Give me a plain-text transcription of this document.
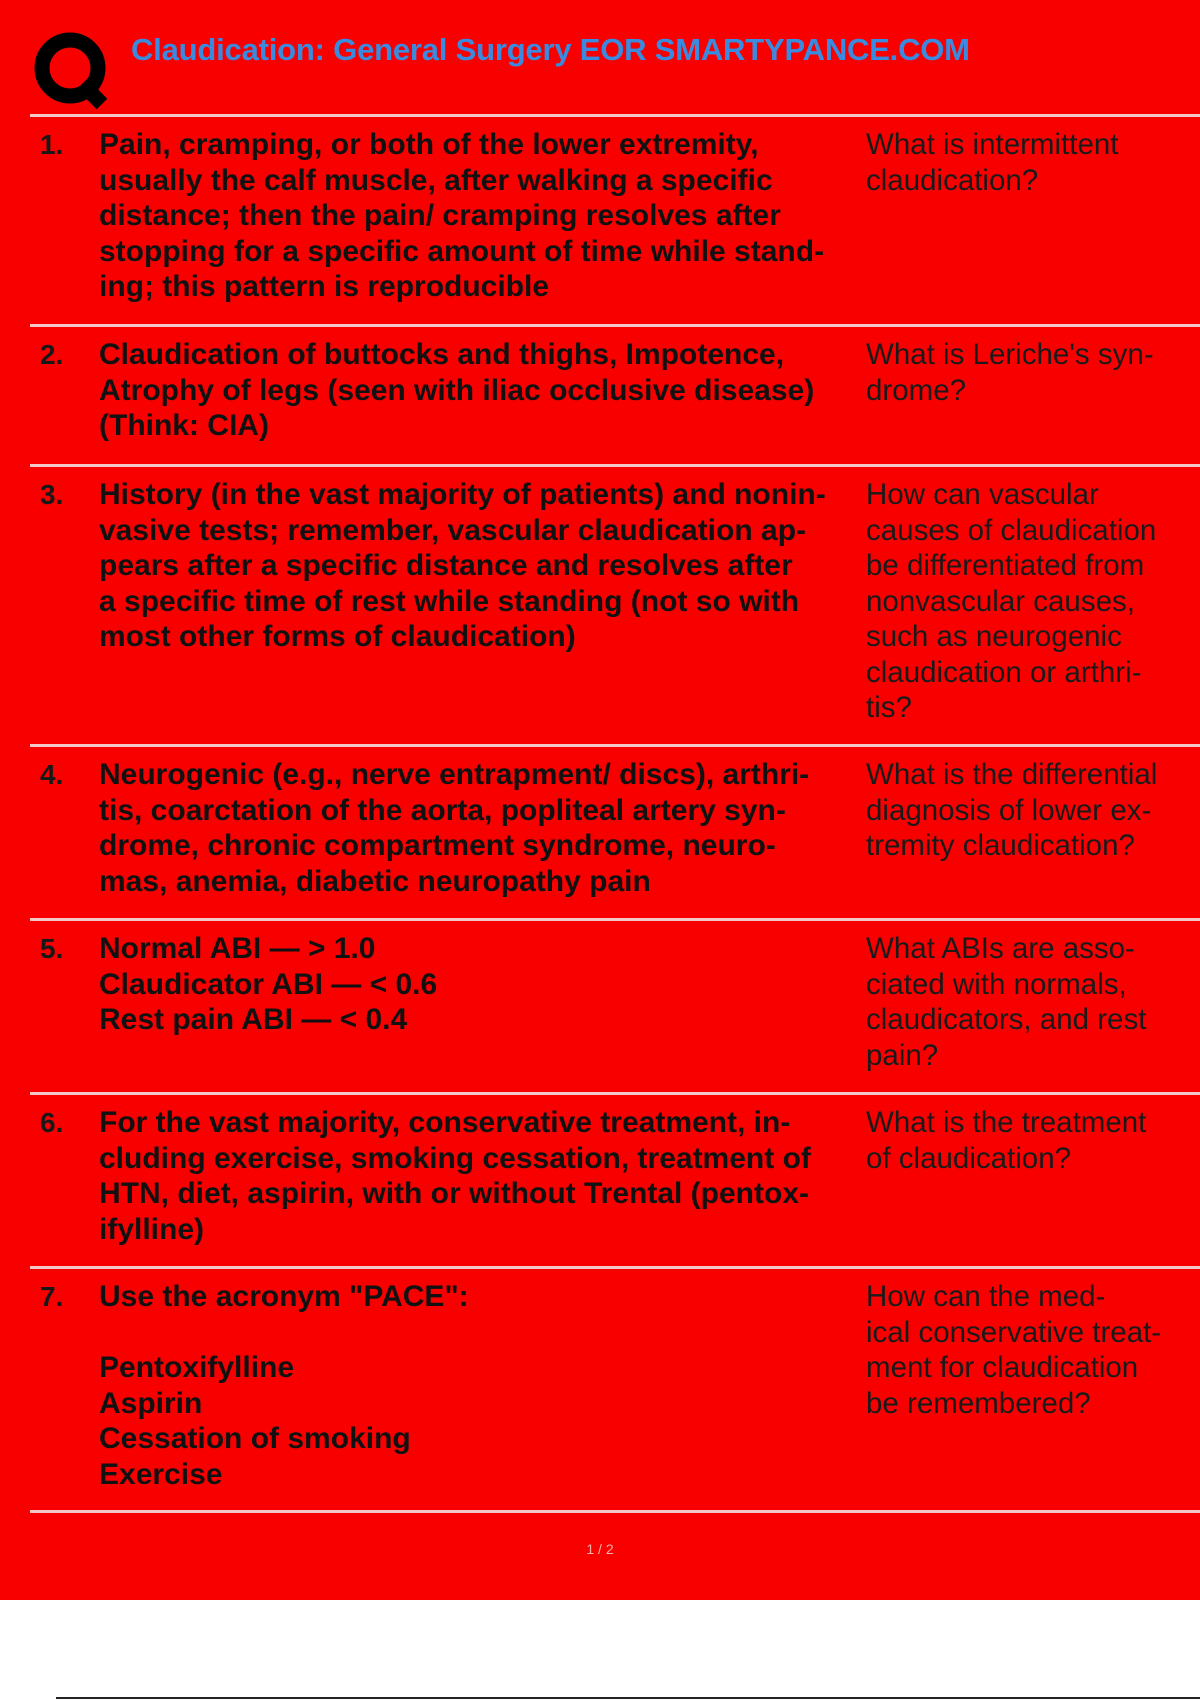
Claudication: General Surgery EOR SMARTYPANCE.COM
1. Pain, cramping, or both of the lower extremity,
usually the calf muscle, after walking a specific
distance; then the pain/ cramping resolves after
stopping for a specific amount of time while stand-
ing; this pattern is reproducible
What is intermittent
claudication?
2. Claudication of buttocks and thighs, Impotence,
Atrophy of legs (seen with iliac occlusive disease)
(Think: CIA)
What is Leriche's syn-
drome?
3. History (in the vast majority of patients) and nonin-
vasive tests; remember, vascular claudication ap-
pears after a specific distance and resolves after
a specific time of rest while standing (not so with
most other forms of claudication)
How can vascular
causes of claudication
be differentiated from
nonvascular causes,
such as neurogenic
claudication or arthri-
tis?
4. Neurogenic (e.g., nerve entrapment/ discs), arthri-
tis, coarctation of the aorta, popliteal artery syn-
drome, chronic compartment syndrome, neuro-
mas, anemia, diabetic neuropathy pain
What is the differential
diagnosis of lower ex-
tremity claudication?
5. Normal ABI — > 1.0
Claudicator ABI — < 0.6
Rest pain ABI — < 0.4
What ABIs are asso-
ciated with normals,
claudicators, and rest
pain?
6. For the vast majority, conservative treatment, in-
cluding exercise, smoking cessation, treatment of
HTN, diet, aspirin, with or without Trental (pentox-
ifylline)
What is the treatment
of claudication?
7. Use the acronym "PACE":

Pentoxifylline
Aspirin
Cessation of smoking
Exercise
How can the med-
ical conservative treat-
ment for claudication
be remembered?
1 / 2
